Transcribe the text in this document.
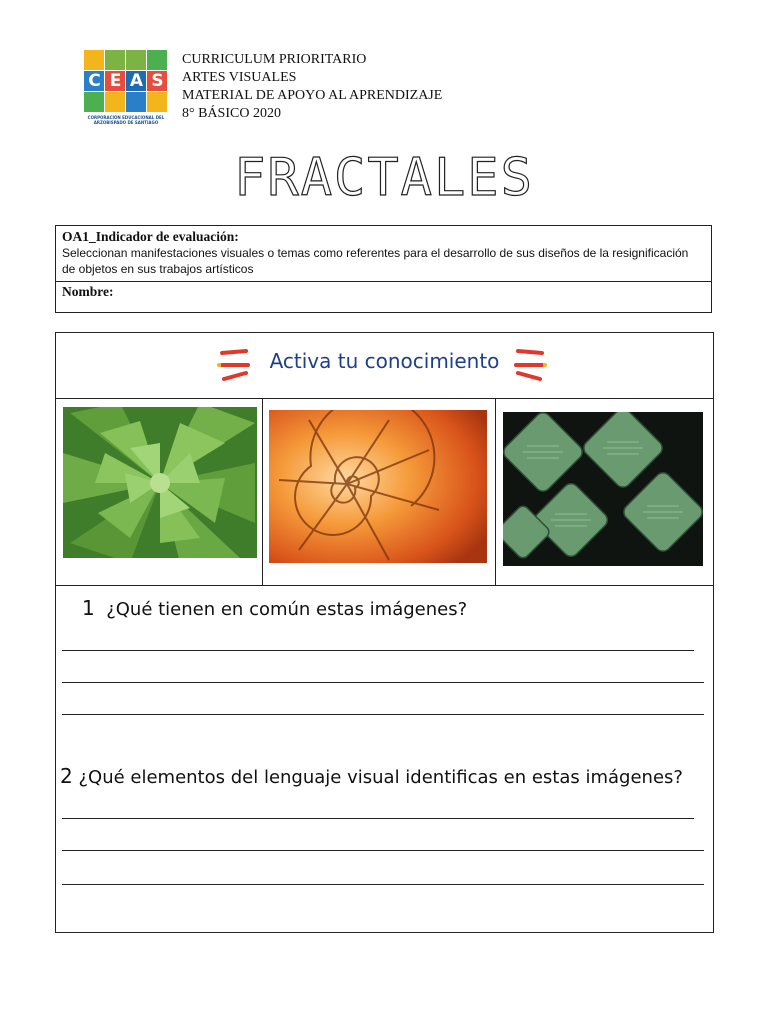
C E A S
CORPORACIÓN EDUCACIONAL DEL
ARZOBISPADO DE SANTIAGO
CURRICULUM PRIORITARIO
ARTES VISUALES
MATERIAL DE APOYO AL APRENDIZAJE
8° BÁSICO 2020
FRACTALES
OA1_Indicador de evaluación:
Seleccionan manifestaciones visuales o temas como referentes para el desarrollo de sus diseños de la resignificación de objetos en sus trabajos artísticos
Nombre:
Activa tu conocimiento
1 ¿Qué tienen en común estas imágenes?
2 ¿Qué elementos del lenguaje visual identificas en estas imágenes?
